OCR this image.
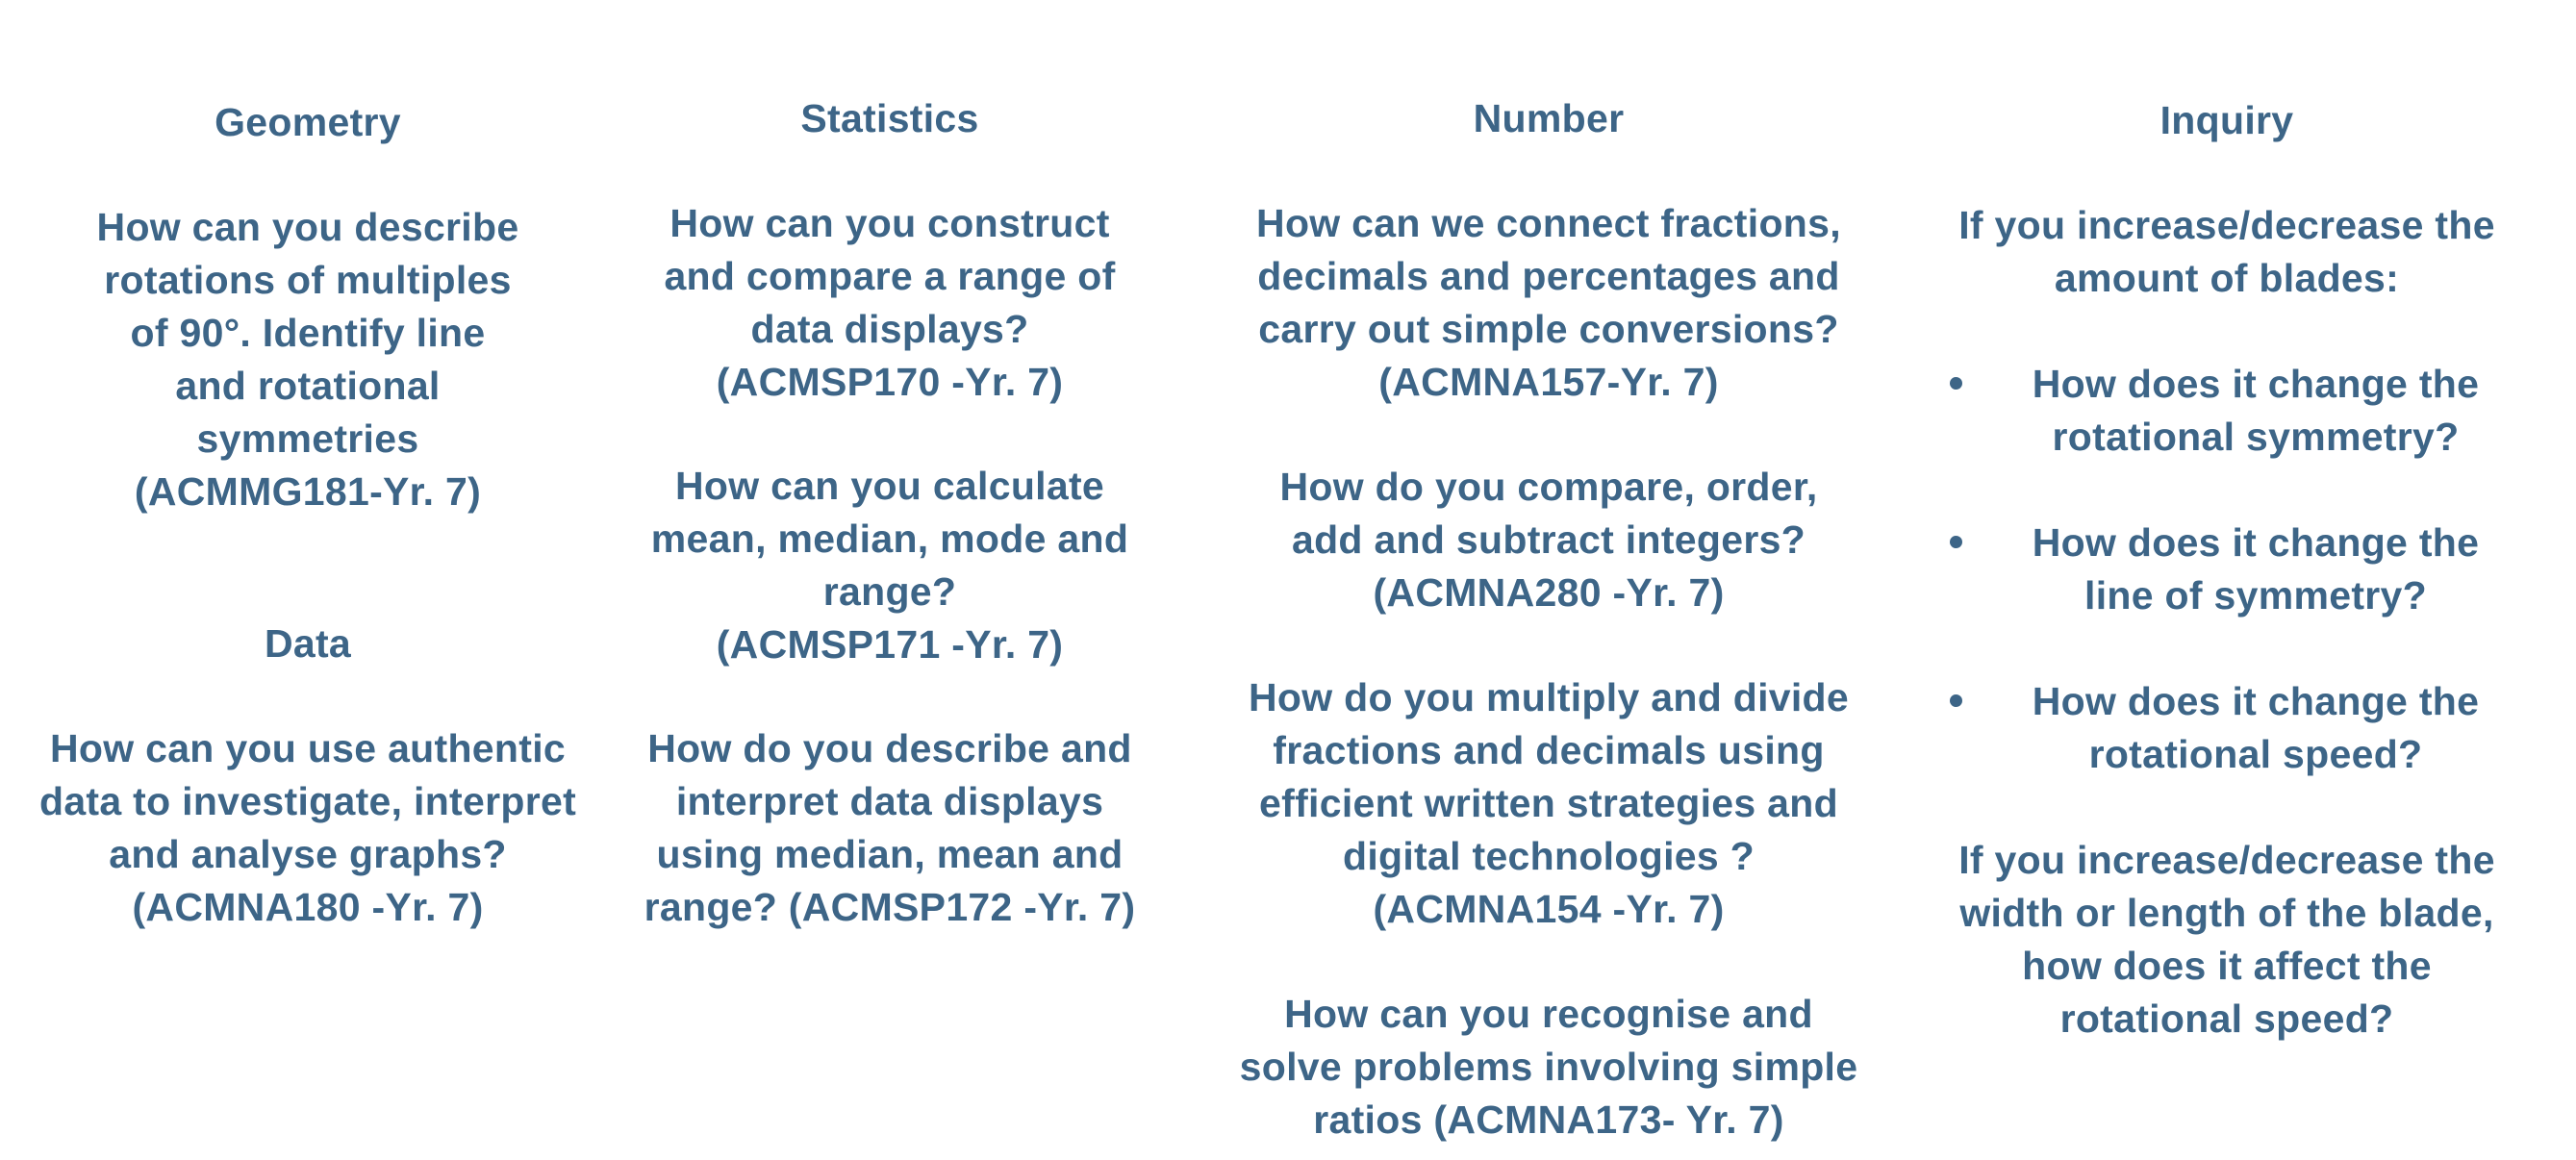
Geometry
How can you describe
rotations of multiples
of 90°. Identify line
and rotational
symmetries
(ACMMG181-Yr. 7)
Data
How can you use authentic
data to investigate, interpret
and analyse graphs?
(ACMNA180 -Yr. 7)
Statistics
How can you construct
and compare a range of
data displays?
(ACMSP170 -Yr. 7)
How can you calculate
mean, median, mode and
range?
(ACMSP171 -Yr. 7)
How do you describe and
interpret data displays
using median, mean and
range? (ACMSP172 -Yr. 7)
Number
How can we connect fractions,
decimals and percentages and
carry out simple conversions?
(ACMNA157-Yr. 7)
How do you compare, order,
add and subtract integers?
(ACMNA280 -Yr. 7)
How do you multiply and divide
fractions and decimals using
efficient written strategies and
digital technologies ?
(ACMNA154 -Yr. 7)
How can you recognise and
solve problems involving simple
ratios (ACMNA173- Yr. 7)
Inquiry
If you increase/decrease the
amount of blades:
How does it change the
rotational symmetry?
How does it change the
line of symmetry?
How does it change the
rotational speed?
If you increase/decrease the
width or length of the blade,
how does it affect the
rotational speed?
